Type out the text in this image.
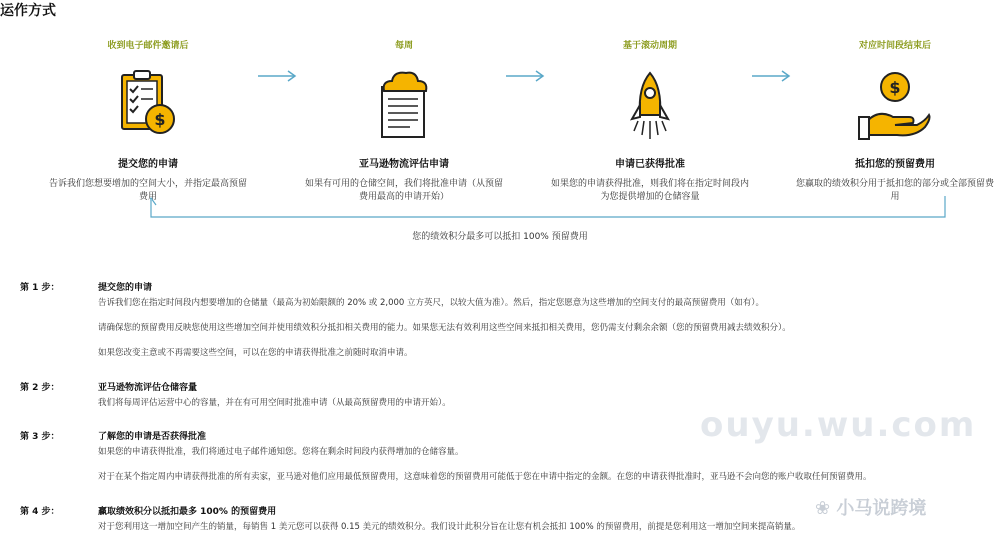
运作方式
收到电子邮件邀请后
$
提交您的申请
告诉我们您想要增加的空间大小，并指定最高预留费用
每周
亚马逊物流评估申请
如果有可用的仓储空间，我们将批准申请（从预留费用最高的申请开始）
基于滚动周期
申请已获得批准
如果您的申请获得批准，则我们将在指定时间段内为您提供增加的仓储容量
对应时间段结束后
$
抵扣您的预留费用
您赢取的绩效积分用于抵扣您的部分或全部预留费用
您的绩效积分最多可以抵扣 100% 预留费用
第 1 步：	提交您的申请
告诉我们您在指定时间段内想要增加的仓储量（最高为初始限额的 20% 或 2,000 立方英尺，以较大值为准）。然后，指定您愿意为这些增加的空间支付的最高预留费用（如有）。
请确保您的预留费用反映您使用这些增加空间并使用绩效积分抵扣相关费用的能力。如果您无法有效利用这些空间来抵扣相关费用，您仍需支付剩余余额（您的预留费用减去绩效积分）。
如果您改变主意或不再需要这些空间，可以在您的申请获得批准之前随时取消申请。
第 2 步：	亚马逊物流评估仓储容量
我们将每周评估运营中心的容量，并在有可用空间时批准申请（从最高预留费用的申请开始）。
第 3 步：	了解您的申请是否获得批准
如果您的申请获得批准，我们将通过电子邮件通知您。您将在剩余时间段内获得增加的仓储容量。
对于在某个指定周内申请获得批准的所有卖家，亚马逊对他们应用最低预留费用，这意味着您的预留费用可能低于您在申请中指定的金额。在您的申请获得批准时，亚马逊不会向您的账户收取任何预留费用。
第 4 步：	赢取绩效积分以抵扣最多 100% 的预留费用
对于您利用这一增加空间产生的销量，每销售 1 美元您可以获得 0.15 美元的绩效积分。我们设计此积分旨在让您有机会抵扣 100% 的预留费用，前提是您利用这一增加空间来提高销量。
❀ 小马说跨境
ouyu.wu.com
